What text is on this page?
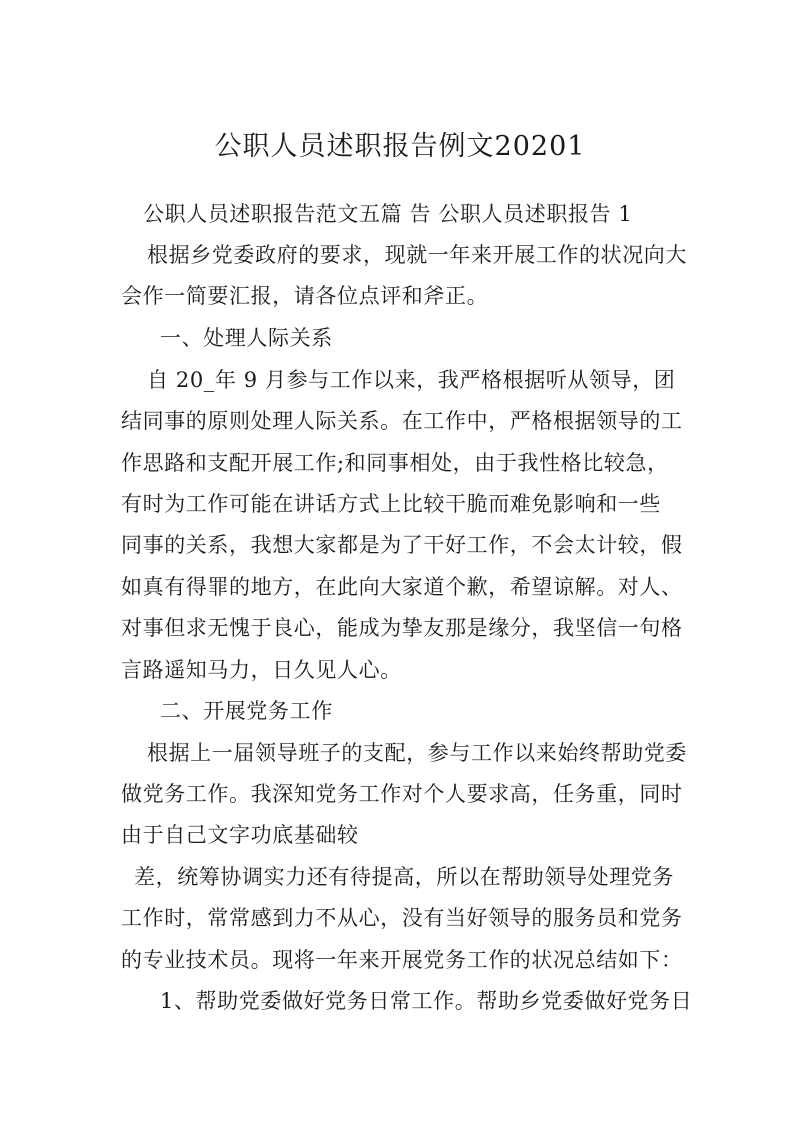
公职人员述职报告例文20201
公职人员述职报告范文五篇 告 公职人员述职报告 1
根据乡党委政府的要求，现就一年来开展工作的状况向大
会作一简要汇报，请各位点评和斧正。
一、处理人际关系
自 20_年 9 月参与工作以来，我严格根据听从领导，团
结同事的原则处理人际关系。在工作中，严格根据领导的工
作思路和支配开展工作;和同事相处，由于我性格比较急，
有时为工作可能在讲话方式上比较干脆而难免影响和一些
同事的关系，我想大家都是为了干好工作，不会太计较，假
如真有得罪的地方，在此向大家道个歉，希望谅解。对人、
对事但求无愧于良心，能成为挚友那是缘分，我坚信一句格
言路遥知马力，日久见人心。
二、开展党务工作
根据上一届领导班子的支配，参与工作以来始终帮助党委
做党务工作。我深知党务工作对个人要求高，任务重，同时
由于自己文字功底基础较
差，统筹协调实力还有待提高，所以在帮助领导处理党务
工作时，常常感到力不从心，没有当好领导的服务员和党务
的专业技术员。现将一年来开展党务工作的状况总结如下：
1、帮助党委做好党务日常工作。帮助乡党委做好党务日
